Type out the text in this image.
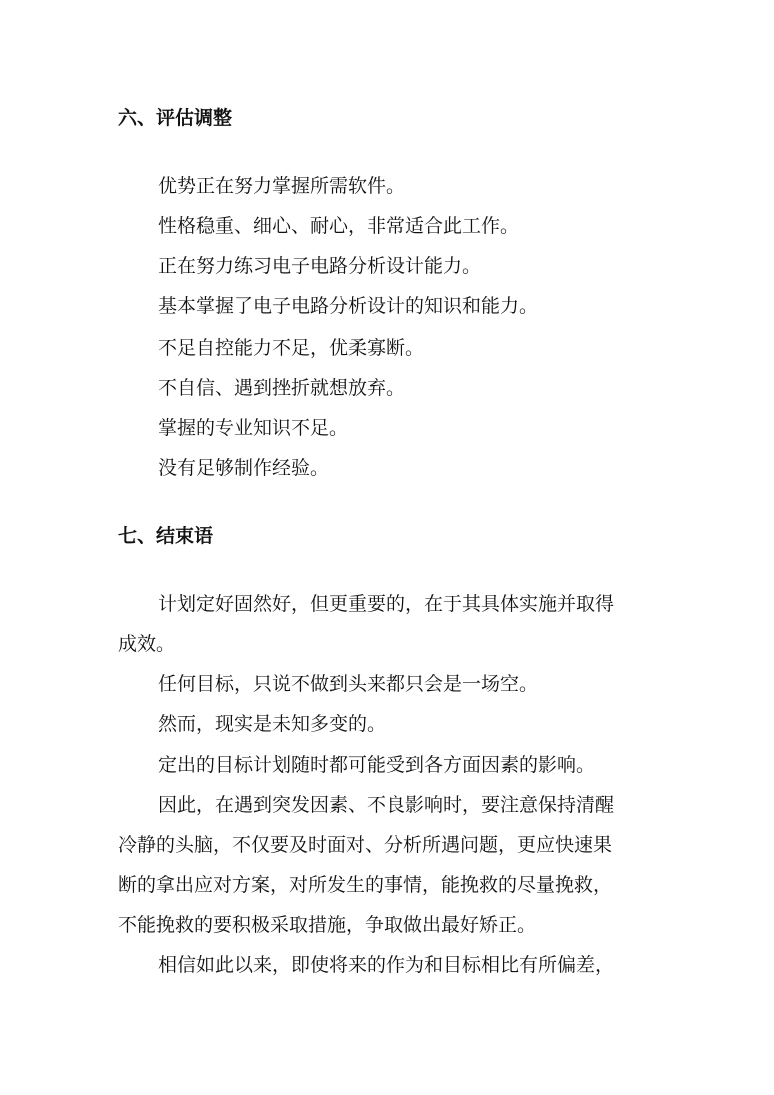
六、评估调整

优势正在努力掌握所需软件。

性格稳重、细心、耐心，非常适合此工作。

正在努力练习电子电路分析设计能力。

基本掌握了电子电路分析设计的知识和能力。

不足自控能力不足，优柔寡断。

不自信、遇到挫折就想放弃。

掌握的专业知识不足。

没有足够制作经验。

七、结束语

计划定好固然好，但更重要的，在于其具体实施并取得

成效。

任何目标，只说不做到头来都只会是一场空。

然而，现实是未知多变的。

定出的目标计划随时都可能受到各方面因素的影响。

因此，在遇到突发因素、不良影响时，要注意保持清醒

冷静的头脑，不仅要及时面对、分析所遇问题，更应快速果

断的拿出应对方案，对所发生的事情，能挽救的尽量挽救，

不能挽救的要积极采取措施，争取做出最好矫正。

相信如此以来，即使将来的作为和目标相比有所偏差，
